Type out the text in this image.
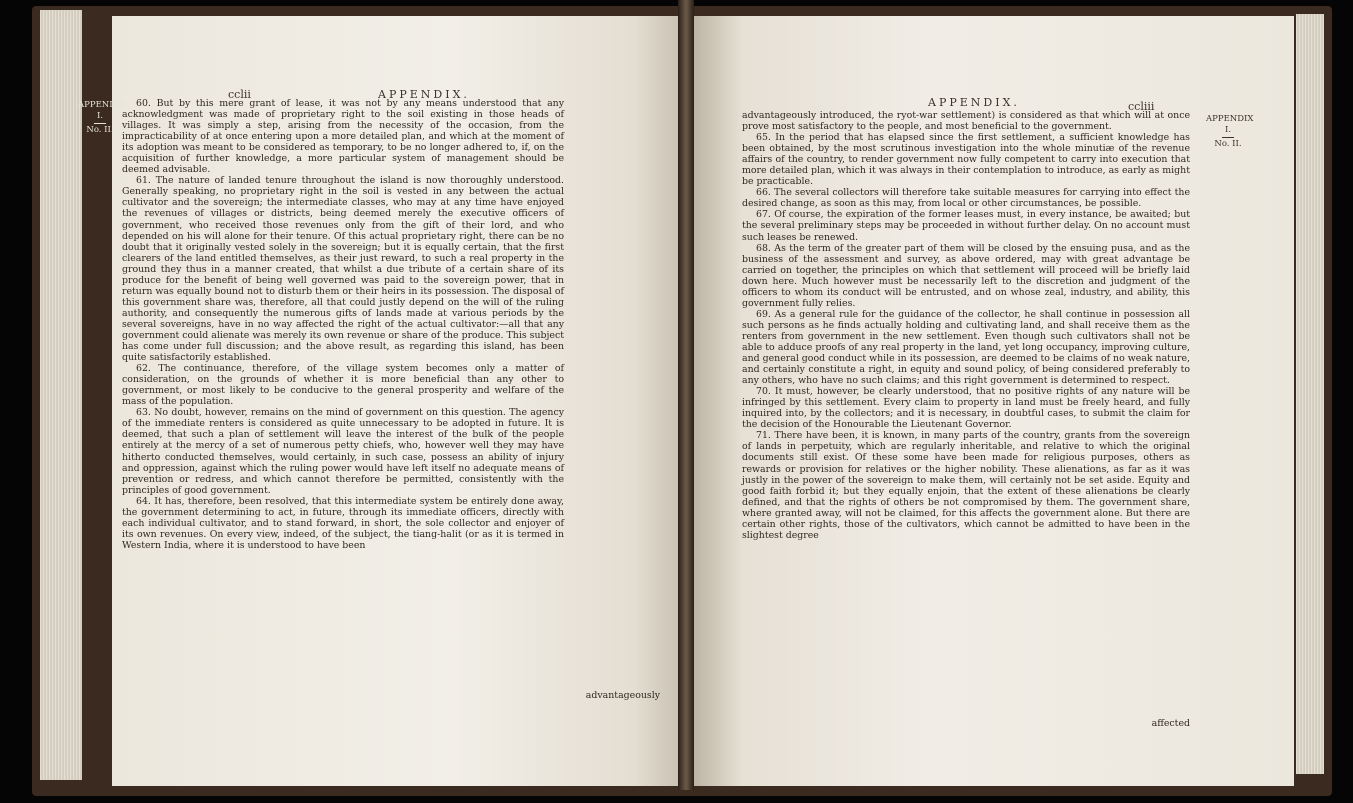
cclii	APPENDIX.
APPENDIX
I.
No. II.

60. But by this mere grant of lease, it was not by any means understood that any acknowledgment was made of proprietary right to the soil existing in those heads of villages. It was simply a step, arising from the necessity of the occasion, from the impracticability of at once entering upon a more detailed plan, and which at the moment of its adoption was meant to be considered as temporary, to be no longer adhered to, if, on the acquisition of further knowledge, a more particular system of management should be deemed advisable.

61. The nature of landed tenure throughout the island is now thoroughly understood. Generally speaking, no proprietary right in the soil is vested in any between the actual cultivator and the sovereign; the intermediate classes, who may at any time have enjoyed the revenues of villages or districts, being deemed merely the executive officers of government, who received those revenues only from the gift of their lord, and who depended on his will alone for their tenure. Of this actual proprietary right, there can be no doubt that it originally vested solely in the sovereign; but it is equally certain, that the first clearers of the land entitled themselves, as their just reward, to such a real property in the ground they thus in a manner created, that whilst a due tribute of a certain share of its produce for the benefit of being well governed was paid to the sovereign power, that in return was equally bound not to disturb them or their heirs in its possession. The disposal of this government share was, therefore, all that could justly depend on the will of the ruling authority, and consequently the numerous gifts of lands made at various periods by the several sovereigns, have in no way affected the right of the actual cultivator:—all that any government could alienate was merely its own revenue or share of the produce. This subject has come under full discussion; and the above result, as regarding this island, has been quite satisfactorily established.

62. The continuance, therefore, of the village system becomes only a matter of consideration, on the grounds of whether it is more beneficial than any other to government, or most likely to be conducive to the general prosperity and welfare of the mass of the population.

63. No doubt, however, remains on the mind of government on this question. The agency of the immediate renters is considered as quite unnecessary to be adopted in future. It is deemed, that such a plan of settlement will leave the interest of the bulk of the people entirely at the mercy of a set of numerous petty chiefs, who, however well they may have hitherto conducted themselves, would certainly, in such case, possess an ability of injury and oppression, against which the ruling power would have left itself no adequate means of prevention or redress, and which cannot therefore be permitted, consistently with the principles of good government.

64. It has, therefore, been resolved, that this intermediate system be entirely done away, the government determining to act, in future, through its immediate officers, directly with each individual cultivator, and to stand forward, in short, the sole collector and enjoyer of its own revenues. On every view, indeed, of the subject, the tiang-halit (or as it is termed in Western India, where it is understood to have been

advantageously
APPENDIX.	ccliii
APPENDIX
I.
No. II.

advantageously introduced, the ryot-war settlement) is considered as that which will at once prove most satisfactory to the people, and most beneficial to the government.

65. In the period that has elapsed since the first settlement, a sufficient knowledge has been obtained, by the most scrutinous investigation into the whole minutiæ of the revenue affairs of the country, to render government now fully competent to carry into execution that more detailed plan, which it was always in their contemplation to introduce, as early as might be practicable.

66. The several collectors will therefore take suitable measures for carrying into effect the desired change, as soon as this may, from local or other circumstances, be possible.

67. Of course, the expiration of the former leases must, in every instance, be awaited; but the several preliminary steps may be proceeded in without further delay. On no account must such leases be renewed.

68. As the term of the greater part of them will be closed by the ensuing pusa, and as the business of the assessment and survey, as above ordered, may with great advantage be carried on together, the principles on which that settlement will proceed will be briefly laid down here. Much however must be necessarily left to the discretion and judgment of the officers to whom its conduct will be entrusted, and on whose zeal, industry, and ability, this government fully relies.

69. As a general rule for the guidance of the collector, he shall continue in possession all such persons as he finds actually holding and cultivating land, and shall receive them as the renters from government in the new settlement. Even though such cultivators shall not be able to adduce proofs of any real property in the land, yet long occupancy, improving culture, and general good conduct while in its possession, are deemed to be claims of no weak nature, and certainly constitute a right, in equity and sound policy, of being considered preferably to any others, who have no such claims; and this right government is determined to respect.

70. It must, however, be clearly understood, that no positive rights of any nature will be infringed by this settlement. Every claim to property in land must be freely heard, and fully inquired into, by the collectors; and it is necessary, in doubtful cases, to submit the claim for the decision of the Honourable the Lieutenant Governor.

71. There have been, it is known, in many parts of the country, grants from the sovereign of lands in perpetuity, which are regularly inheritable, and relative to which the original documents still exist. Of these some have been made for religious purposes, others as rewards or provision for relatives or the higher nobility. These alienations, as far as it was justly in the power of the sovereign to make them, will certainly not be set aside. Equity and good faith forbid it; but they equally enjoin, that the extent of these alienations be clearly defined, and that the rights of others be not compromised by them. The government share, where granted away, will not be claimed, for this affects the government alone. But there are certain other rights, those of the cultivators, which cannot be admitted to have been in the slightest degree

affected
